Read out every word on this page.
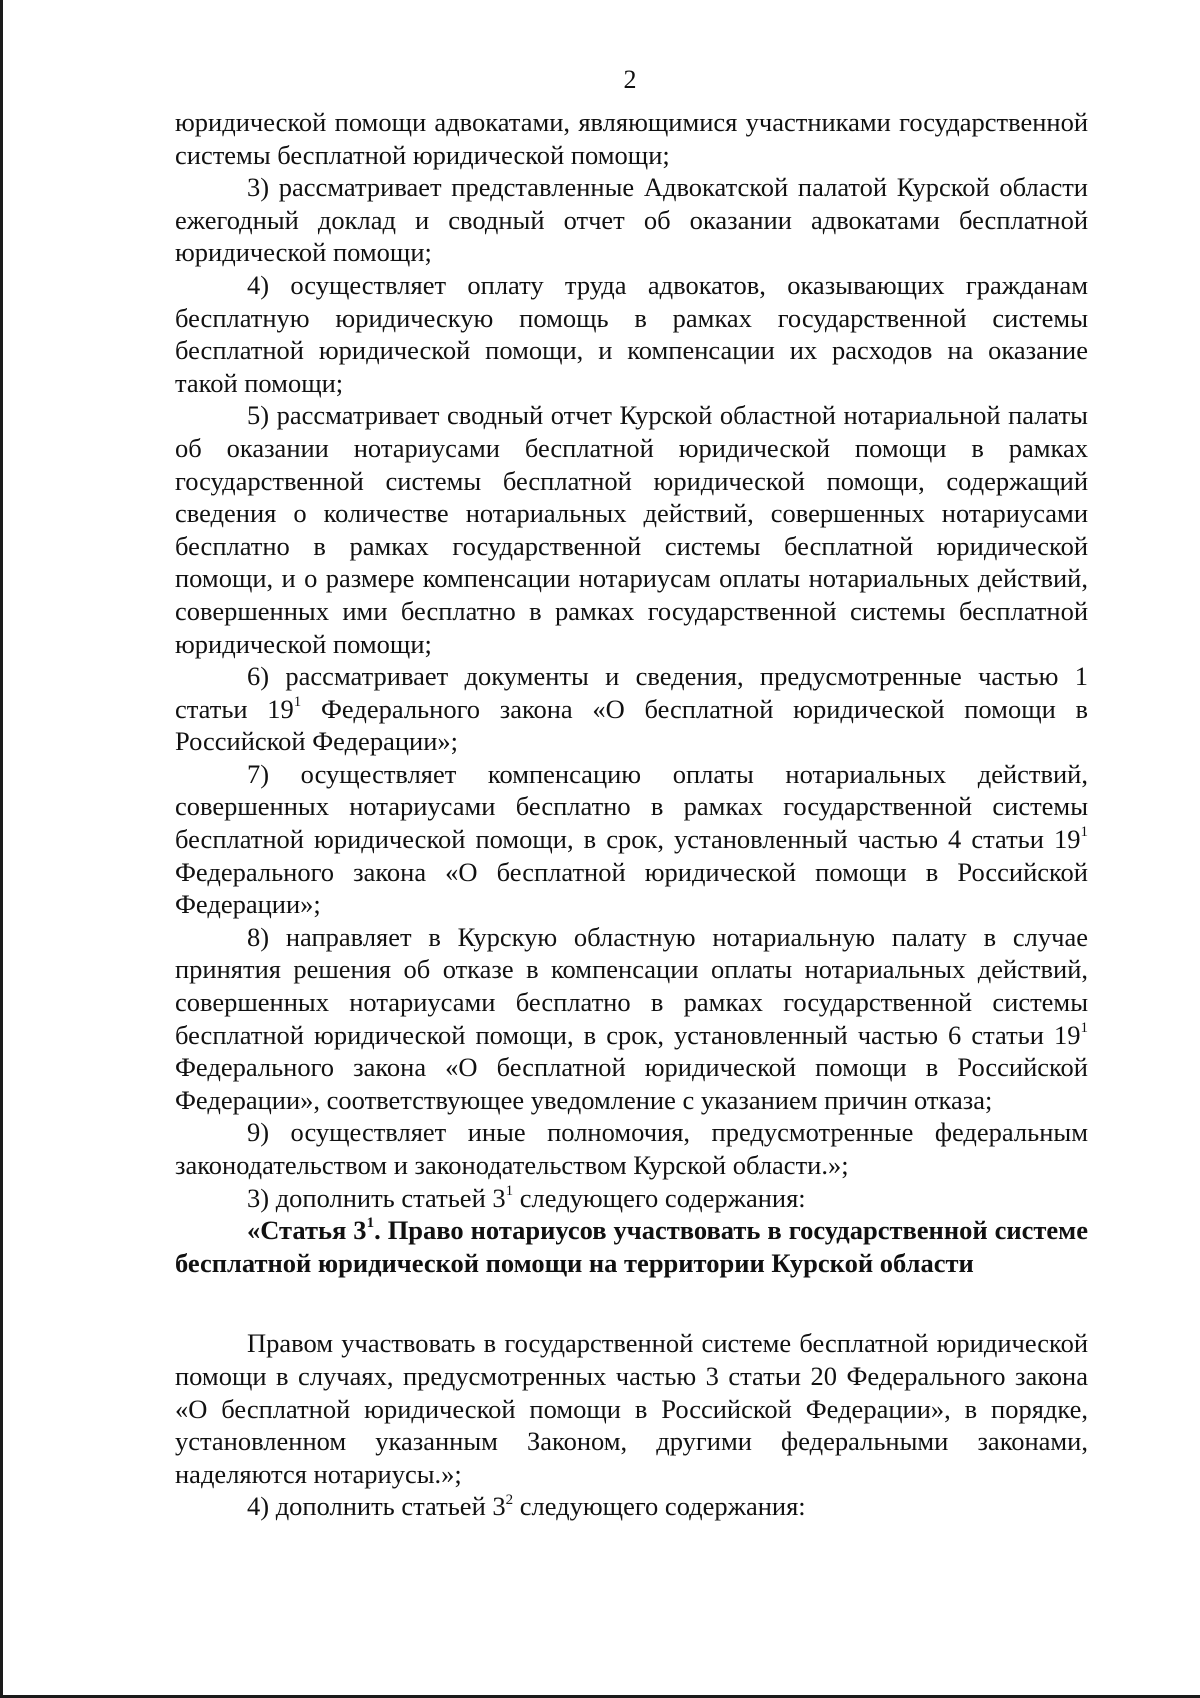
2

юридической помощи адвокатами, являющимися участниками государственной системы бесплатной юридической помощи;

3) рассматривает представленные Адвокатской палатой Курской области ежегодный доклад и сводный отчет об оказании адвокатами бесплатной юридической помощи;

4) осуществляет оплату труда адвокатов, оказывающих гражданам бесплатную юридическую помощь в рамках государственной системы бесплатной юридической помощи, и компенсации их расходов на оказание такой помощи;

5) рассматривает сводный отчет Курской областной нотариальной палаты об оказании нотариусами бесплатной юридической помощи в рамках государственной системы бесплатной юридической помощи, содержащий сведения о количестве нотариальных действий, совершенных нотариусами бесплатно в рамках государственной системы бесплатной юридической помощи, и о размере компенсации нотариусам оплаты нотариальных действий, совершенных ими бесплатно в рамках государственной системы бесплатной юридической помощи;

6) рассматривает документы и сведения, предусмотренные частью 1 статьи $19^1$ Федерального закона «О бесплатной юридической помощи в Российской Федерации»;

7) осуществляет компенсацию оплаты нотариальных действий, совершенных нотариусами бесплатно в рамках государственной системы бесплатной юридической помощи, в срок, установленный частью 4 статьи $19^1$ Федерального закона «О бесплатной юридической помощи в Российской Федерации»;

8) направляет в Курскую областную нотариальную палату в случае принятия решения об отказе в компенсации оплаты нотариальных действий, совершенных нотариусами бесплатно в рамках государственной системы бесплатной юридической помощи, в срок, установленный частью 6 статьи $19^1$ Федерального закона «О бесплатной юридической помощи в Российской Федерации», соответствующее уведомление с указанием причин отказа;

9) осуществляет иные полномочия, предусмотренные федеральным законодательством и законодательством Курской области.»;

3) дополнить статьей $3^1$ следующего содержания:

«Статья $3^1$. Право нотариусов участвовать в государственной системе бесплатной юридической помощи на территории Курской области

Правом участвовать в государственной системе бесплатной юридической помощи в случаях, предусмотренных частью 3 статьи 20 Федерального закона «О бесплатной юридической помощи в Российской Федерации», в порядке, установленном указанным Законом, другими федеральными законами, наделяются нотариусы.»;

4) дополнить статьей $3^2$ следующего содержания:
